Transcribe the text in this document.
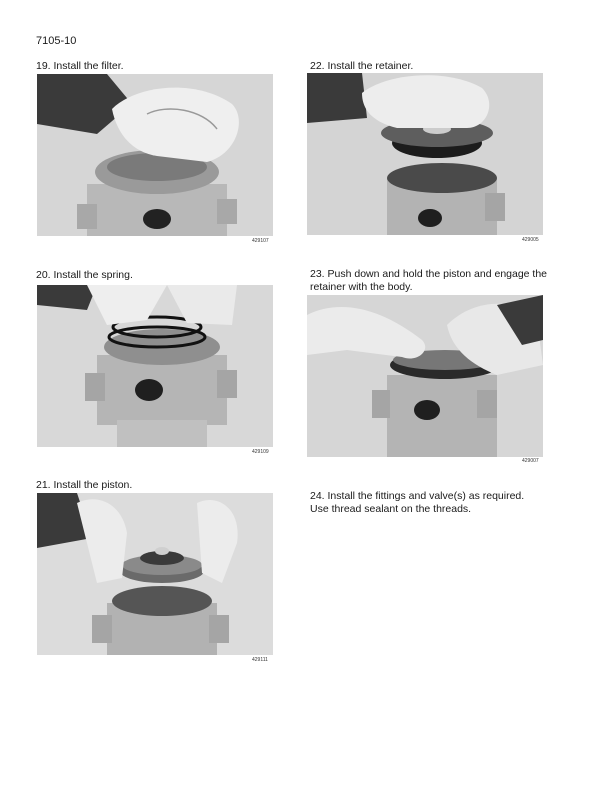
7105-10
19. Install the filter.
429107
20. Install the spring.
429109
21. Install the piston.
429111
22. Install the retainer.
429005
23. Push down and hold the piston and engage the retainer with the body.
429007
24. Install the fittings and valve(s) as required. Use thread sealant on the threads.
